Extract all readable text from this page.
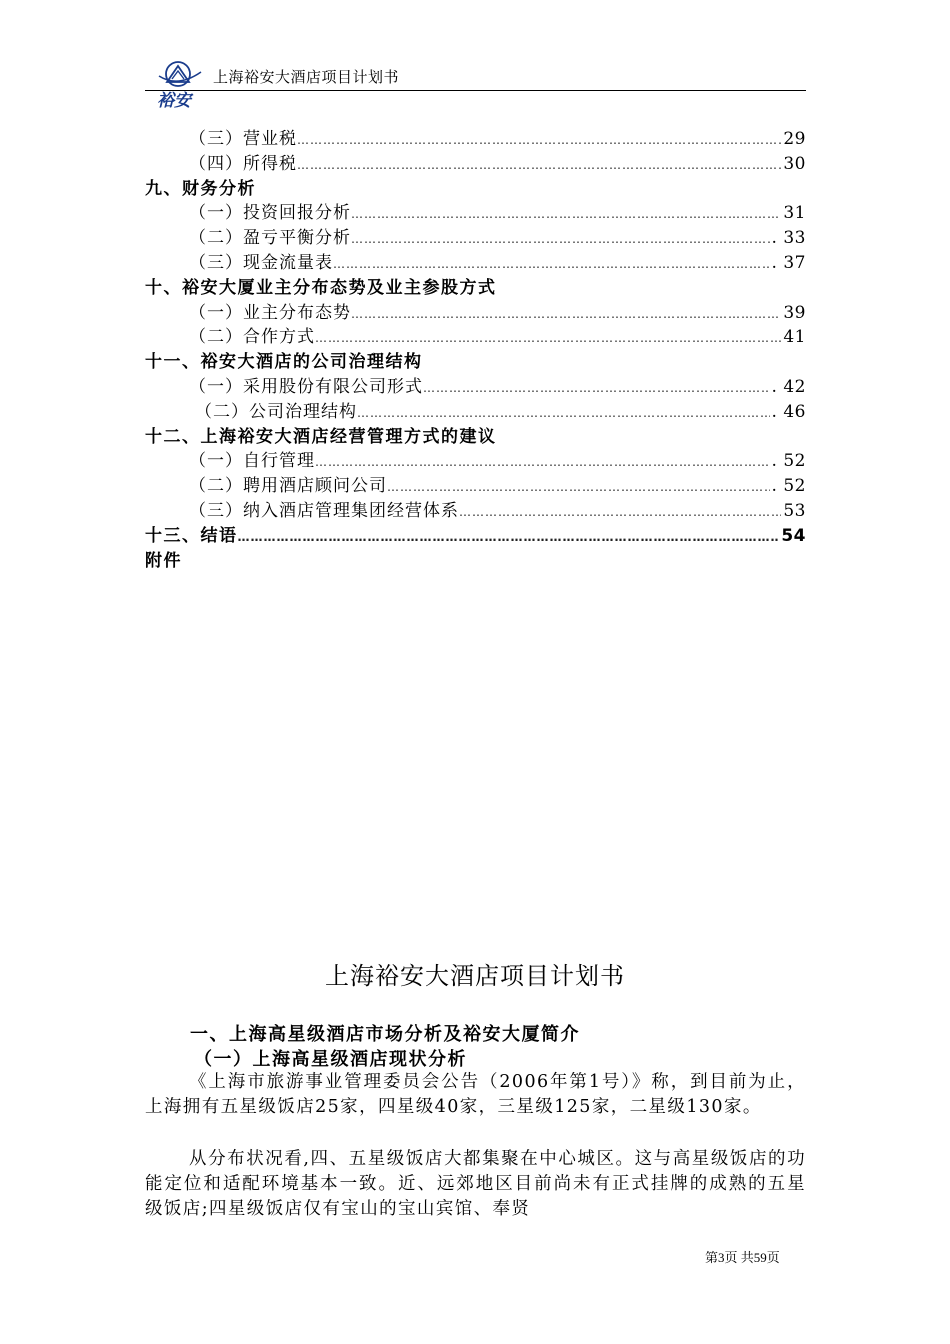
裕安
上海裕安大酒店项目计划书
（三）营业税 …………………………………………………………………………………………………………………………………………………………	29
（四）所得税 …………………………………………………………………………………………………………………………………………………………	30
九、财务分析
（一）投资回报分析 …………………………………………………………………………………………………………………………………………………………	31
（二）盈亏平衡分析 …………………………………………………………………………………………………………………………………………………………	. 33
（三）现金流量表 …………………………………………………………………………………………………………………………………………………………	. 37
十、裕安大厦业主分布态势及业主参股方式
（一）业主分布态势 …………………………………………………………………………………………………………………………………………………………	39
（二）合作方式 …………………………………………………………………………………………………………………………………………………………	41
十一、裕安大酒店的公司治理结构
（一）采用股份有限公司形式 …………………………………………………………………………………………………………………………………………………………	. 42
（二）公司治理结构 …………………………………………………………………………………………………………………………………………………………	. 46
十二、上海裕安大酒店经营管理方式的建议
（一）自行管理 …………………………………………………………………………………………………………………………………………………………	. 52
（二）聘用酒店顾问公司 …………………………………………………………………………………………………………………………………………………………	. 52
（三）纳入酒店管理集团经营体系 …………………………………………………………………………………………………………………………………………………………	53
十三、结语 …………………………………………………………………………………………………………………………………………………………	54
附件
上海裕安大酒店项目计划书
一、上海高星级酒店市场分析及裕安大厦简介
（一）上海高星级酒店现状分析
《上海市旅游事业管理委员会公告（2006年第1号）》称，到目前为止，上海拥有五星级饭店25家，四星级40家，三星级125家，二星级130家。
从分布状况看,四、五星级饭店大都集聚在中心城区。这与高星级饭店的功能定位和适配环境基本一致。近、远郊地区目前尚未有正式挂牌的成熟的五星级饭店;四星级饭店仅有宝山的宝山宾馆、奉贤
第3页 共59页
